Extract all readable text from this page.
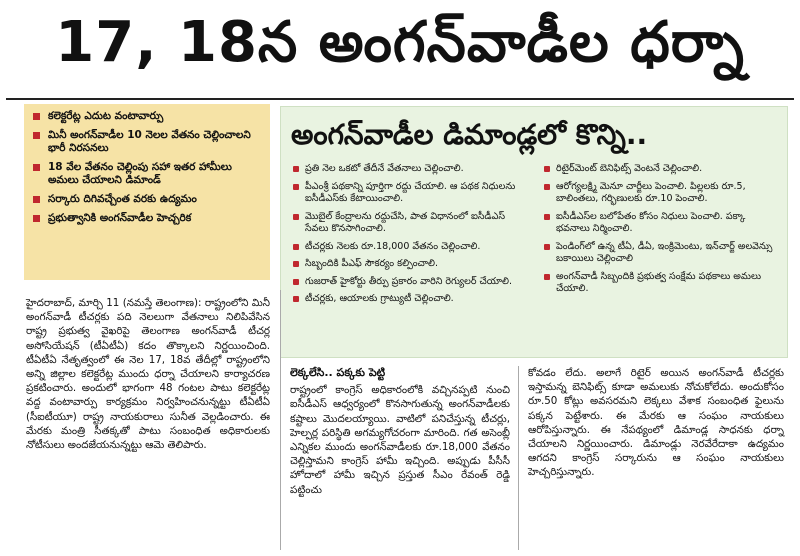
17, 18న అంగన్‌వాడీల ధర్నా
కలెక్టరేట్ల ఎదుట వంటావార్పు
మినీ అంగన్‌వాడీల 10 నెలల వేతనం చెల్లించాలని భారీ నిరసనలు
18 వేల వేతనం చెల్లింపు సహా ఇతర హామీలు అమలు చేయాలని డిమాండ్
సర్కారు దిగివచ్చేంత వరకు ఉద్యమం
ప్రభుత్వానికి అంగన్‌వాడీల హెచ్చరిక
అంగన్‌వాడీల డిమాండ్లలో కొన్ని..
ప్రతి నెల ఒకటో తేదీనే వేతనాలు చెల్లించాలి.
పీఎంశ్రీ పథకాన్ని పూర్తిగా రద్దు చేయాలి. ఆ పథక నిధులను ఐసీడీఎస్‌కు కేటాయించాలి.
మొబైల్ కేంద్రాలను రద్దుచేసి, పాత విధానంలో ఐసీడీఎస్ సేవలు కొనసాగించాలి.
టీచర్లకు నెలకు రూ.18,000 వేతనం చెల్లించాలి.
సిబ్బందికి పీఎఫ్ సౌకర్యం కల్పించాలి.
గుజరాత్ హైకోర్టు తీర్పు ప్రకారం వారిని రెగ్యులర్ చేయాలి.
టీచర్లకు, ఆయాలకు గ్రాట్యుటీ చెల్లించాలి.
రిటైర్‌మెంట్ బెనిఫిట్స్ వెంటనే చెల్లించాలి.
ఆరోగ్యలక్ష్మి మెనూ చార్జీలు పెంచాలి. పిల్లలకు రూ.5, బాలింతలు, గర్భిణులకు రూ.10 పెంచాలి.
ఐసీడీఎస్‌ల బలోపేతం కోసం నిధులు పెంచాలి. పక్కా భవనాలు నిర్మించాలి.
పెండింగ్‌లో ఉన్న టీఏ, డీఏ, ఇంక్రిమెంటు, ఇన్‌చార్జ్ అలవెన్సు బకాయిలు చెల్లించాలి
అంగన్‌వాడీ సిబ్బందికి ప్రభుత్వ సంక్షేమ పథకాలు అమలు చేయాలి.

హైదరాబాద్, మార్చి 11 (నమస్తే తెలంగాణ): రాష్ట్రంలోని మినీ అంగన్‌వాడీ టీచర్లకు పది నెలలుగా వేతనాలు నిలిపివేసిన రాష్ట్ర ప్రభుత్వ వైఖరిపై తెలంగాణ అంగన్‌వాడీ టీచర్ల అసోసియేషన్ (టీఏటీఏ) కదం తొక్కాలని నిర్ణయించింది. టీఏటీఏ నేతృత్వంలో ఈ నెల 17, 18వ తేదీల్లో రాష్ట్రంలోని అన్ని జిల్లాల కలెక్టరేట్ల ముందు ధర్నా చేయాలని కార్యాచరణ ప్రకటించారు. అందులో భాగంగా 48 గంటల పాటు కలెక్టరేట్ల వద్ద వంటావార్పు కార్యక్రమం నిర్వహించనున్నట్టు టీఏటీఏ (సీఐటీయూ) రాష్ట్ర నాయకురాలు సునీత వెల్లడించారు. ఈ మేరకు మంత్రి సీతక్కతో పాటు సంబంధిత అధికారులకు నోటీసులు అందజేయనున్నట్టు ఆమె తెలిపారు.

లెక్కలేసి.. పక్కకు పెట్టి

రాష్ట్రంలో కాంగ్రెస్ అధికారంలోకి వచ్చినప్పటి నుంచి ఐసీడీఎస్ ఆధ్వర్యంలో కొనసాగుతున్న అంగన్‌వాడీలకు కష్టాలు మొదలయ్యాయి. వాటిలో పనిచేస్తున్న టీచర్లు, హెల్పర్ల పరిస్థితి అగమ్యగోచరంగా మారింది. గత అసెంబ్లీ ఎన్నికల ముందు అంగన్‌వాడీలకు రూ.18,000 వేతనం చెల్లిస్తామని కాంగ్రెస్ హామీ ఇచ్చింది. అప్పుడు పీసీసీ హోదాలో హామీ ఇచ్చిన ప్రస్తుత సీఎం రేవంత్ రెడ్డి పట్టించు

కోవడం లేదు. అలాగే రిటైర్ అయిన అంగన్‌వాడీ టీచర్లకు ఇస్తామన్న బెనిఫిట్స్ కూడా అమలుకు నోచుకోలేదు. అందుకోసం రూ.50 కోట్లు అవసరమని లెక్కలు వేశాక సంబంధిత ఫైలును పక్కన పెట్టేశారు. ఈ మేరకు ఆ సంఘం నాయకులు ఆరోపిస్తున్నారు. ఈ నేపథ్యంలో డిమాండ్ల సాధనకు ధర్నా చేయాలని నిర్ణయించారు. డిమాండ్లు నెరవేరేదాకా ఉద్యమం ఆగదని కాంగ్రెస్ సర్కారును ఆ సంఘం నాయకులు హెచ్చరిస్తున్నారు.
